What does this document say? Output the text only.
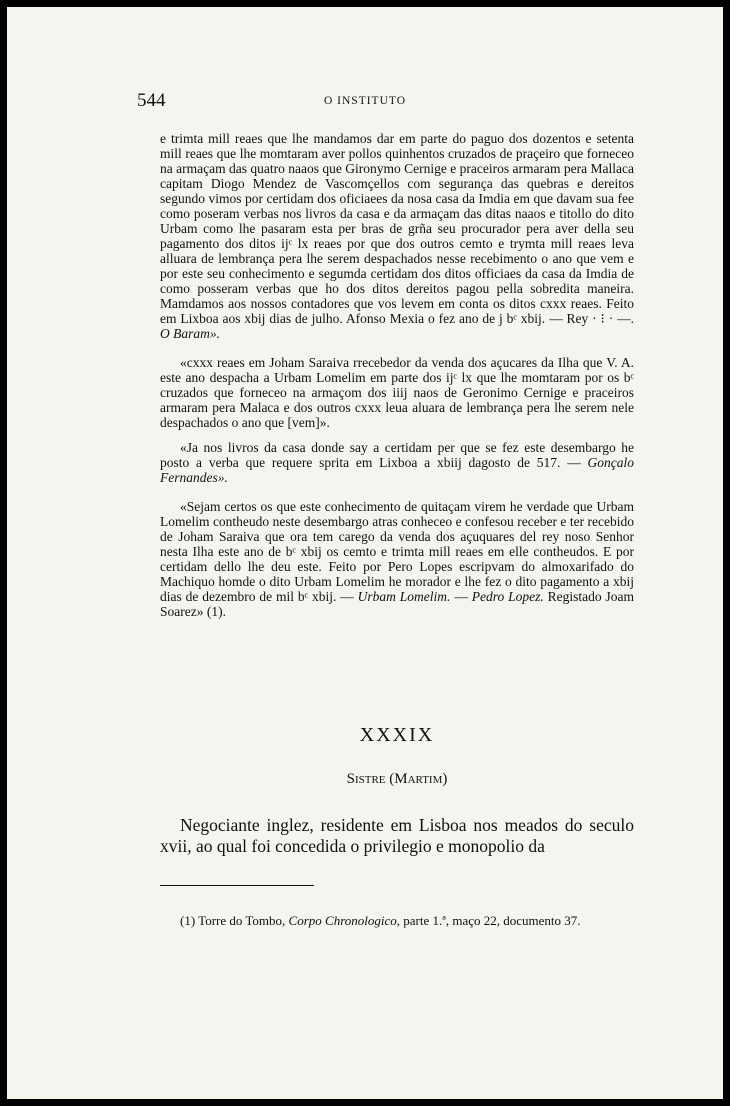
544	O INSTITUTO

e trimta mill reaes que lhe mandamos dar em parte do paguo dos dozentos e setenta mill reaes que lhe momtaram aver pollos quinhentos cruzados de praçeiro que forneceo na armaçam das quatro naaos que Gironymo Cernige e praceiros armaram pera Mallaca capitam Diogo Mendez de Vascomçellos com segurança das quebras e dereitos segundo vimos por certidam dos oficiaees da nosa casa da Imdia em que davam sua fee como poseram verbas nos livros da casa e da armaçam das ditas naaos e titollo do dito Urbam como lhe pasaram esta per bras de grña seu procurador pera aver della seu pagamento dos ditos ijᶜ lx reaes por que dos outros cemto e trymta mill reaes leva alluara de lembrança pera lhe serem despachados nesse recebimento o ano que vem e por este seu conhecimento e segumda certidam dos ditos officiaes da casa da Imdia de como posseram verbas que ho dos ditos dereitos pagou pella sobredita maneira. Mamdamos aos nossos contadores que vos levem em conta os ditos cxxx reaes. Feito em Lixboa aos xbij dias de julho. Afonso Mexia o fez ano de j bᶜ xbij. — Rey · ⁝ · —. O Baram».

«cxxx reaes em Joham Saraiva rrecebedor da venda dos açucares da Ilha que V. A. este ano despacha a Urbam Lomelim em parte dos ijᶜ lx que lhe momtaram por os bᶜ cruzados que forneceo na armaçom dos iiij naos de Geronimo Cernige e praceiros armaram pera Malaca e dos outros cxxx leua aluara de lembrança pera lhe serem nele despachados o ano que [vem]».

«Ja nos livros da casa donde say a certidam per que se fez este desembargo he posto a verba que requere sprita em Lixboa a xbiij dagosto de 517. — Gonçalo Fernandes».

«Sejam certos os que este conhecimento de quitaçam virem he verdade que Urbam Lomelim contheudo neste desembargo atras conheceo e confesou receber e ter recebido de Joham Saraiva que ora tem carego da venda dos açuquares del rey noso Senhor nesta Ilha este ano de bᶜ xbij os cemto e trimta mill reaes em elle contheudos. E por certidam dello lhe deu este. Feito por Pero Lopes escripvam do almoxarifado do Machiquo homde o dito Urbam Lomelim he morador e lhe fez o dito pagamento a xbij dias de dezembro de mil bᶜ xbij. — Urbam Lomelim. — Pedro Lopez. Registado Joam Soarez» (1).

XXXIX
Sistre (Martim)

Negociante inglez, residente em Lisboa nos meados do seculo xvii, ao qual foi concedida o privilegio e monopolio da

(1) Torre do Tombo, Corpo Chronologico, parte 1.ª, maço 22, documento 37.
